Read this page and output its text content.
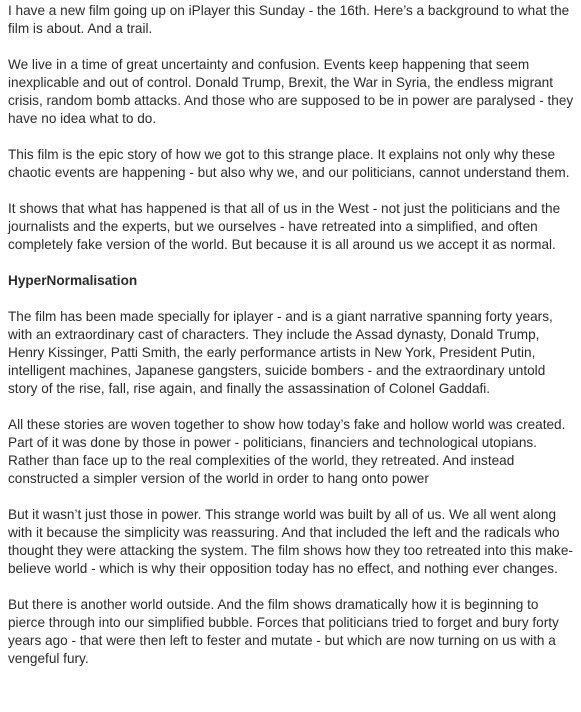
I have a new film going up on iPlayer this Sunday - the 16th. Here’s a background to what the film is about. And a trail.

We live in a time of great uncertainty and confusion. Events keep happening that seem inexplicable and out of control. Donald Trump, Brexit, the War in Syria, the endless migrant crisis, random bomb attacks. And those who are supposed to be in power are paralysed - they have no idea what to do.

This film is the epic story of how we got to this strange place. It explains not only why these chaotic events are happening - but also why we, and our politicians, cannot understand them.

It shows that what has happened is that all of us in the West - not just the politicians and the journalists and the experts, but we ourselves - have retreated into a simplified, and often completely fake version of the world. But because it is all around us we accept it as normal.

HyperNormalisation

The film has been made specially for iplayer - and is a giant narrative spanning forty years, with an extraordinary cast of characters. They include the Assad dynasty, Donald Trump, Henry Kissinger, Patti Smith, the early performance artists in New York, President Putin, intelligent machines, Japanese gangsters, suicide bombers - and the extraordinary untold story of the rise, fall, rise again, and finally the assassination of Colonel Gaddafi.

All these stories are woven together to show how today’s fake and hollow world was created. Part of it was done by those in power - politicians, financiers and technological utopians. Rather than face up to the real complexities of the world, they retreated. And instead constructed a simpler version of the world in order to hang onto power

But it wasn’t just those in power. This strange world was built by all of us. We all went along with it because the simplicity was reassuring. And that included the left and the radicals who thought they were attacking the system. The film shows how they too retreated into this make-believe world - which is why their opposition today has no effect, and nothing ever changes.

But there is another world outside. And the film shows dramatically how it is beginning to pierce through into our simplified bubble. Forces that politicians tried to forget and bury forty years ago - that were then left to fester and mutate - but which are now turning on us with a vengeful fury.
